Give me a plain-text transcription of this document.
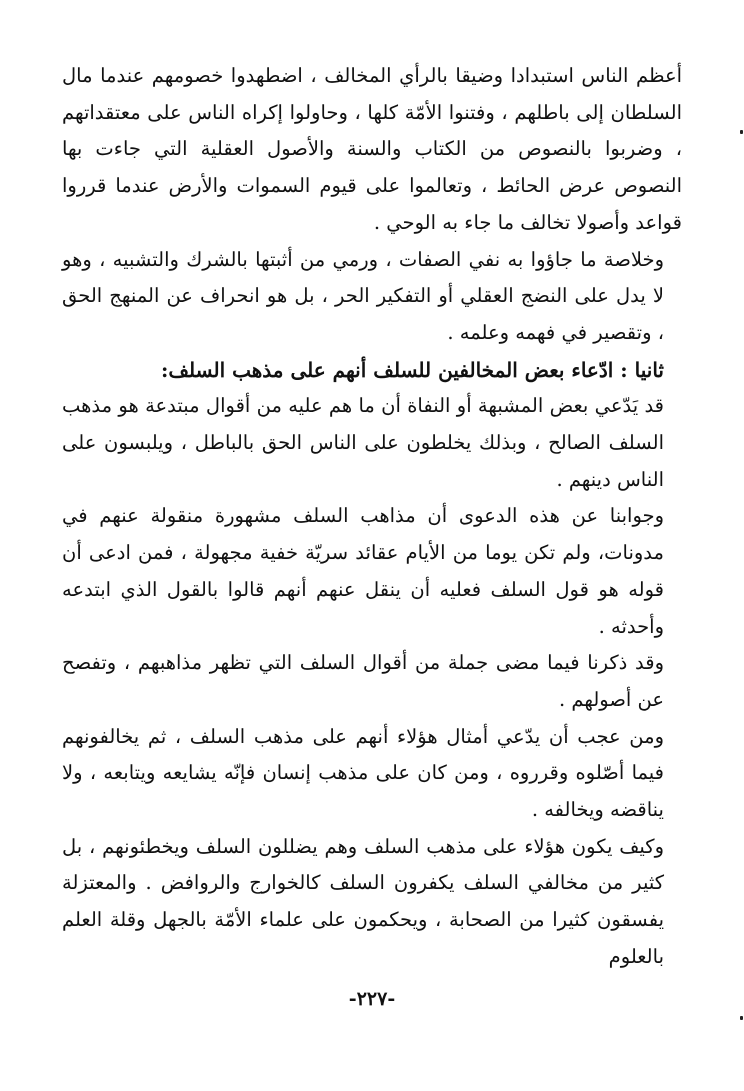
أعظم الناس استبدادا وضيقا بالرأي المخالف ، اضطهدوا خصومهم عندما مال السلطان إلى باطلهم ، وفتنوا الأمّة كلها ، وحاولوا إكراه الناس على معتقداتهم ، وضربوا بالنصوص من الكتاب والسنة والأصول العقلية التي جاءت بها النصوص عرض الحائط ، وتعالموا على قيوم السموات والأرض عندما قرروا قواعد وأصولا تخالف ما جاء به الوحي .

وخلاصة ما جاؤوا به نفي الصفات ، ورمي من أثبتها بالشرك والتشبيه ، وهو لا يدل على النضج العقلي أو التفكير الحر ، بل هو انحراف عن المنهج الحق ، وتقصير في فهمه وعلمه .

ثانيا : ادّعاء بعض المخالفين للسلف أنهم على مذهب السلف:

قد يَدّعي بعض المشبهة أو النفاة أن ما هم عليه من أقوال مبتدعة هو مذهب السلف الصالح ، وبذلك يخلطون على الناس الحق بالباطل ، ويلبسون على الناس دينهم .

وجوابنا عن هذه الدعوى أن مذاهب السلف مشهورة منقولة عنهم في مدونات، ولم تكن يوما من الأيام عقائد سريّة خفية مجهولة ، فمن ادعى أن قوله هو قول السلف فعليه أن ينقل عنهم أنهم قالوا بالقول الذي ابتدعه وأحدثه .

وقد ذكرنا فيما مضى جملة من أقوال السلف التي تظهر مذاهبهم ، وتفصح عن أصولهم .

ومن عجب أن يدّعي أمثال هؤلاء أنهم على مذهب السلف ، ثم يخالفونهم فيما أصّلوه وقرروه ، ومن كان على مذهب إنسان فإنّه يشايعه ويتابعه ، ولا يناقضه ويخالفه .

وكيف يكون هؤلاء على مذهب السلف وهم يضللون السلف ويخطئونهم ، بل كثير من مخالفي السلف يكفرون السلف كالخوارج والروافض . والمعتزلة يفسقون كثيرا من الصحابة ، ويحكمون على علماء الأمّة بالجهل وقلة العلم بالعلوم

-٢٢٧-
